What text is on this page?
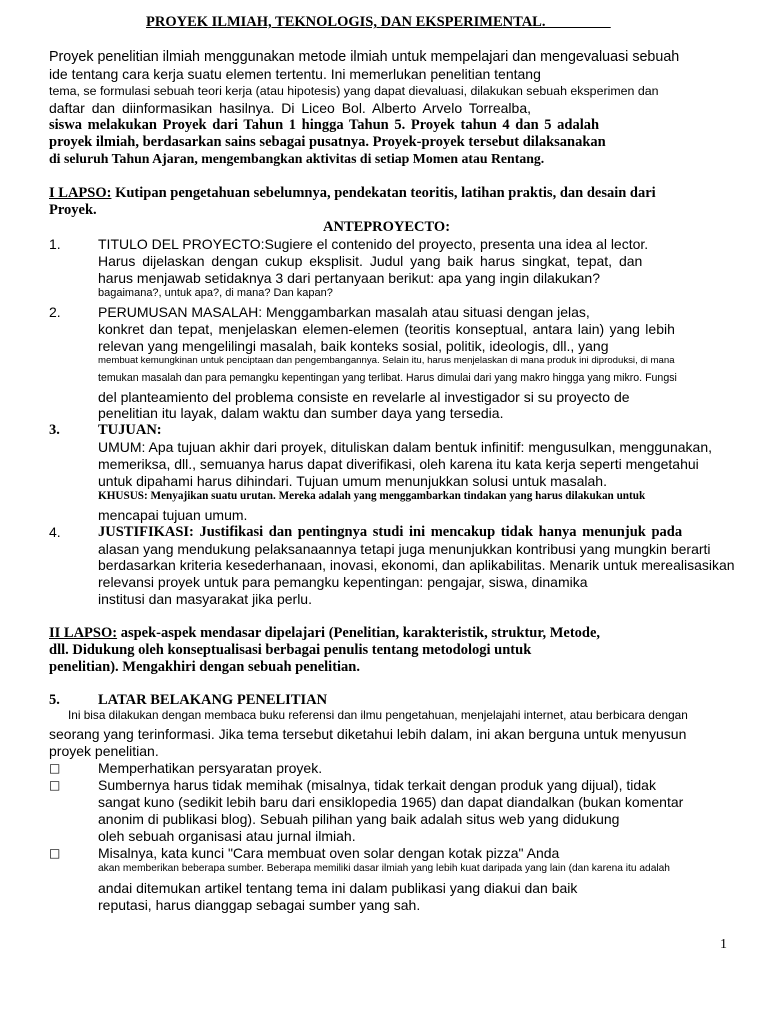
PROYEK ILMIAH, TEKNOLOGIS, DAN EKSPERIMENTAL.
Proyek penelitian ilmiah menggunakan metode ilmiah untuk mempelajari dan mengevaluasi sebuah
ide tentang cara kerja suatu elemen tertentu. Ini memerlukan penelitian tentang
tema, se formulasi sebuah teori kerja (atau hipotesis) yang dapat dievaluasi, dilakukan sebuah eksperimen dan
daftar dan diinformasikan hasilnya. Di Liceo Bol. Alberto Arvelo Torrealba,
siswa melakukan Proyek dari Tahun 1 hingga Tahun 5. Proyek tahun 4 dan 5 adalah
proyek ilmiah, berdasarkan sains sebagai pusatnya. Proyek-proyek tersebut dilaksanakan
di seluruh Tahun Ajaran, mengembangkan aktivitas di setiap Momen atau Rentang.
I LAPSO: Kutipan pengetahuan sebelumnya, pendekatan teoritis, latihan praktis, dan desain dari
Proyek.
ANTEPROYECTO:
1.	TITULO DEL PROYECTO:Sugiere el contenido del proyecto, presenta una idea al lector.
Harus dijelaskan dengan cukup eksplisit. Judul yang baik harus singkat, tepat, dan
harus menjawab setidaknya 3 dari pertanyaan berikut: apa yang ingin dilakukan?
bagaimana?, untuk apa?, di mana? Dan kapan?
2.	PERUMUSAN MASALAH: Menggambarkan masalah atau situasi dengan jelas,
konkret dan tepat, menjelaskan elemen-elemen (teoritis konseptual, antara lain) yang lebih
relevan yang mengelilingi masalah, baik konteks sosial, politik, ideologis, dll., yang
membuat kemungkinan untuk penciptaan dan pengembangannya. Selain itu, harus menjelaskan di mana produk ini diproduksi, di mana
temukan masalah dan para pemangku kepentingan yang terlibat. Harus dimulai dari yang makro hingga yang mikro. Fungsi
del planteamiento del problema consiste en revelarle al investigador si su proyecto de
penelitian itu layak, dalam waktu dan sumber daya yang tersedia.
3.	TUJUAN:
UMUM: Apa tujuan akhir dari proyek, dituliskan dalam bentuk infinitif: mengusulkan, menggunakan,
memeriksa, dll., semuanya harus dapat diverifikasi, oleh karena itu kata kerja seperti mengetahui
untuk dipahami harus dihindari. Tujuan umum menunjukkan solusi untuk masalah.
KHUSUS: Menyajikan suatu urutan. Mereka adalah yang menggambarkan tindakan yang harus dilakukan untuk
mencapai tujuan umum.
4.	JUSTIFIKASI: Justifikasi dan pentingnya studi ini mencakup tidak hanya menunjuk pada
alasan yang mendukung pelaksanaannya tetapi juga menunjukkan kontribusi yang mungkin berarti
berdasarkan kriteria kesederhanaan, inovasi, ekonomi, dan aplikabilitas. Menarik untuk merealisasikan
relevansi proyek untuk para pemangku kepentingan: pengajar, siswa, dinamika
institusi dan masyarakat jika perlu.
II LAPSO: aspek-aspek mendasar dipelajari (Penelitian, karakteristik, struktur, Metode,
dll. Didukung oleh konseptualisasi berbagai penulis tentang metodologi untuk
penelitian). Mengakhiri dengan sebuah penelitian.
5.	LATAR BELAKANG PENELITIAN
Ini bisa dilakukan dengan membaca buku referensi dan ilmu pengetahuan, menjelajahi internet, atau berbicara dengan
seorang yang terinformasi. Jika tema tersebut diketahui lebih dalam, ini akan berguna untuk menyusun
proyek penelitian.
□	Memperhatikan persyaratan proyek.
□	Sumbernya harus tidak memihak (misalnya, tidak terkait dengan produk yang dijual), tidak
sangat kuno (sedikit lebih baru dari ensiklopedia 1965) dan dapat diandalkan (bukan komentar
anonim di publikasi blog). Sebuah pilihan yang baik adalah situs web yang didukung
oleh sebuah organisasi atau jurnal ilmiah.
□	Misalnya, kata kunci "Cara membuat oven solar dengan kotak pizza" Anda
akan memberikan beberapa sumber. Beberapa memiliki dasar ilmiah yang lebih kuat daripada yang lain (dan karena itu adalah
andai ditemukan artikel tentang tema ini dalam publikasi yang diakui dan baik
reputasi, harus dianggap sebagai sumber yang sah.
1
